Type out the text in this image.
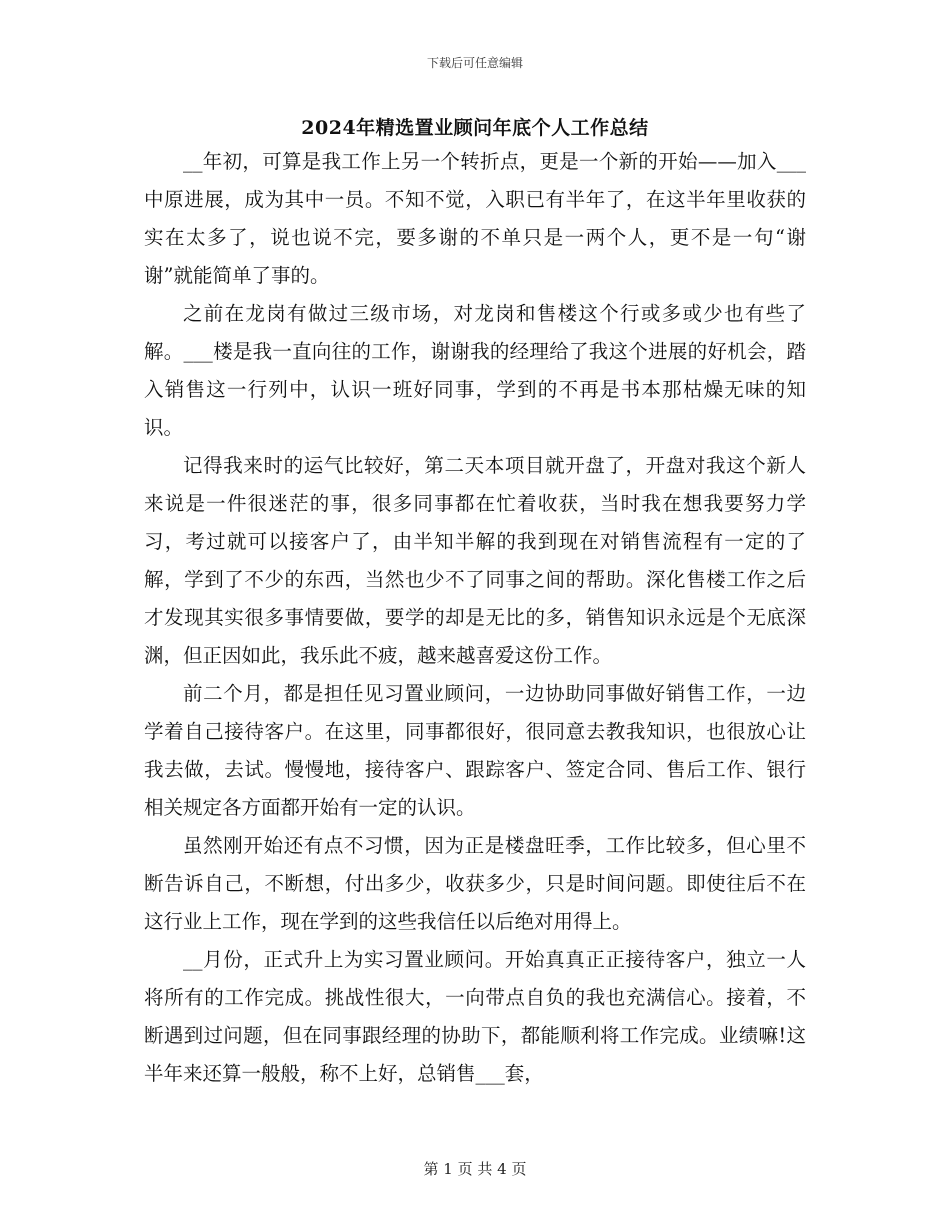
下载后可任意编辑
2024年精选置业顾问年底个人工作总结

__年初，可算是我工作上另一个转折点，更是一个新的开始——加入___中原进展，成为其中一员。不知不觉，入职已有半年了，在这半年里收获的实在太多了，说也说不完，要多谢的不单只是一两个人，更不是一句“谢谢”就能简单了事的。

之前在龙岗有做过三级市场，对龙岗和售楼这个行或多或少也有些了解。___楼是我一直向往的工作，谢谢我的经理给了我这个进展的好机会，踏入销售这一行列中，认识一班好同事，学到的不再是书本那枯燥无味的知识。

记得我来时的运气比较好，第二天本项目就开盘了，开盘对我这个新人来说是一件很迷茫的事，很多同事都在忙着收获，当时我在想我要努力学习，考过就可以接客户了，由半知半解的我到现在对销售流程有一定的了解，学到了不少的东西，当然也少不了同事之间的帮助。深化售楼工作之后才发现其实很多事情要做，要学的却是无比的多，销售知识永远是个无底深渊，但正因如此，我乐此不疲，越来越喜爱这份工作。

前二个月，都是担任见习置业顾问，一边协助同事做好销售工作，一边学着自己接待客户。在这里，同事都很好，很同意去教我知识，也很放心让我去做，去试。慢慢地，接待客户、跟踪客户、签定合同、售后工作、银行相关规定各方面都开始有一定的认识。

虽然刚开始还有点不习惯，因为正是楼盘旺季，工作比较多，但心里不断告诉自己，不断想，付出多少，收获多少，只是时间问题。即使往后不在这行业上工作，现在学到的这些我信任以后绝对用得上。

__月份，正式升上为实习置业顾问。开始真真正正接待客户，独立一人将所有的工作完成。挑战性很大，一向带点自负的我也充满信心。接着，不断遇到过问题，但在同事跟经理的协助下，都能顺利将工作完成。业绩嘛!这半年来还算一般般，称不上好，总销售___套，

第 1 页 共 4 页
